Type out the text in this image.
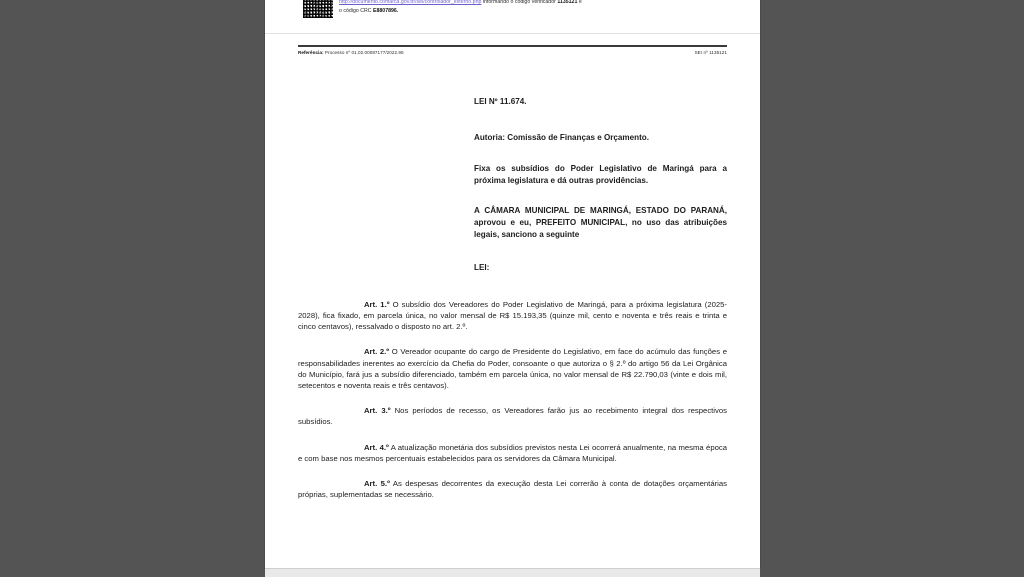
http://documento.comarca.gov.br/sei/controlador_externo.php informando o código verificador 1135121 e
o código CRC E8807896.
Referência: Processo nº 01.02.00087177/2022.95	SEI nº 1135121
LEI Nº 11.674.
Autoria: Comissão de Finanças e Orçamento.
Fixa os subsídios do Poder Legislativo de Maringá para a próxima legislatura e dá outras providências.
A CÂMARA MUNICIPAL DE MARINGÁ, ESTADO DO PARANÁ, aprovou e eu, PREFEITO MUNICIPAL, no uso das atribuições legais, sanciono a seguinte
LEI:
Art. 1.º O subsídio dos Vereadores do Poder Legislativo de Maringá, para a próxima legislatura (2025-2028), fica fixado, em parcela única, no valor mensal de R$ 15.193,35 (quinze mil, cento e noventa e três reais e trinta e cinco centavos), ressalvado o disposto no art. 2.º.
Art. 2.º O Vereador ocupante do cargo de Presidente do Legislativo, em face do acúmulo das funções e responsabilidades inerentes ao exercício da Chefia do Poder, consoante o que autoriza o § 2.º do artigo 56 da Lei Orgânica do Município, fará jus a subsídio diferenciado, também em parcela única, no valor mensal de R$ 22.790,03 (vinte e dois mil, setecentos e noventa reais e três centavos).
Art. 3.º Nos períodos de recesso, os Vereadores farão jus ao recebimento integral dos respectivos subsídios.
Art. 4.º A atualização monetária dos subsídios previstos nesta Lei ocorrerá anualmente, na mesma época e com base nos mesmos percentuais estabelecidos para os servidores da Câmara Municipal.
Art. 5.º As despesas decorrentes da execução desta Lei correrão à conta de dotações orçamentárias próprias, suplementadas se necessário.
